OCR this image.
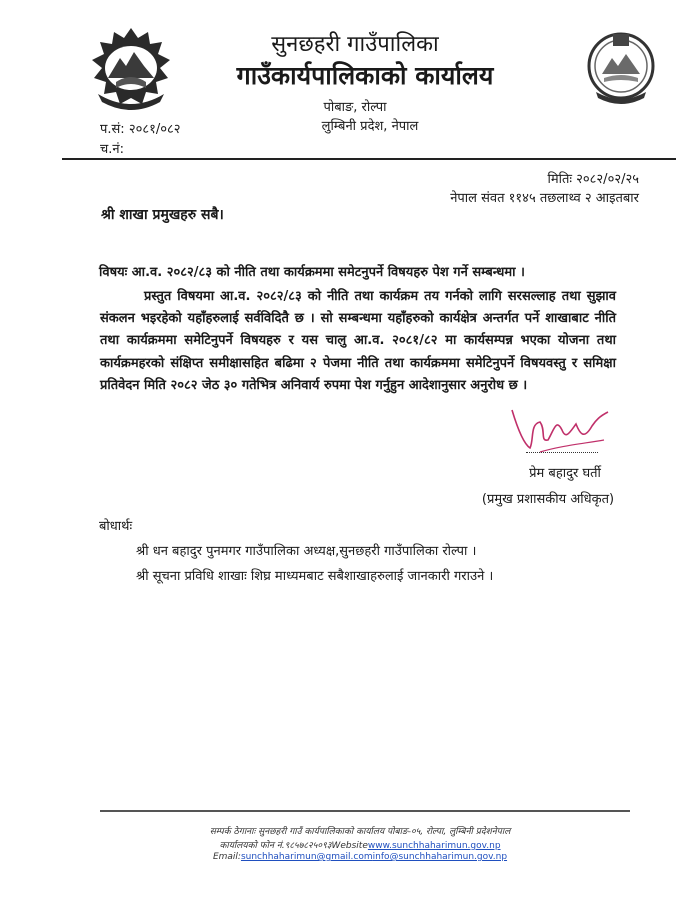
सुनछहरी गाउँपालिका
गाउँकार्यपालिकाको कार्यालय
पोबाङ, रोल्पा
लुम्बिनी प्रदेश, नेपाल
प.सं: २०८१/०८२
च.नं:
मितिः २०८२/०२/२५
नेपाल संवत ११४५ तछलाथ्व २ आइतबार
श्री शाखा प्रमुखहरु सबै।
विषयः आ.व. २०८२/८३ को नीति तथा कार्यक्रममा समेटनुपर्ने विषयहरु पेश गर्ने सम्बन्धमा ।
प्रस्तुत विषयमा आ.व. २०८२/८३ को नीति तथा कार्यक्रम तय गर्नको लागि सरसल्लाह तथा सुझाव संकलन भइरहेको यहाँहरुलाई सर्वविदितै छ । सो सम्बन्धमा यहाँहरुको कार्यक्षेत्र अन्तर्गत पर्ने शाखाबाट नीति तथा कार्यक्रममा समेटिनुपर्ने विषयहरु र यस चालु आ.व. २०८१/८२ मा कार्यसम्पन्न भएका योजना तथा कार्यक्रमहरको संक्षिप्त समीक्षासहित बढिमा २ पेजमा नीति तथा कार्यक्रममा समेटिनुपर्ने विषयवस्तु र समिक्षा प्रतिवेदन मिति २०८२ जेठ ३० गतेभित्र अनिवार्य रुपमा पेश गर्नुहुन आदेशानुसार अनुरोध छ ।
प्रेम बहादुर घर्ती
(प्रमुख प्रशासकीय अधिकृत)
बोधार्थः
श्री धन बहादुर पुनमगर गाउँपालिका अध्यक्ष,सुनछहरी गाउँपालिका रोल्पा ।
श्री सूचना प्रविधि शाखाः शिघ्र माध्यमबाट सबैशाखाहरुलाई जानकारी गराउने ।
सम्पर्क ठेगानाः सुनछहरी गाउँ कार्यपालिकाको कार्यालय पोबाङ-०५, रोल्पा, लुम्बिनी प्रदेशनेपाल
कार्यालयको फोन नं.९८५७८२५०९३Websitewww.sunchhaharimun.gov.np
Email:sunchhaharimun@gmail.cominfo@sunchhaharimun.gov.np
